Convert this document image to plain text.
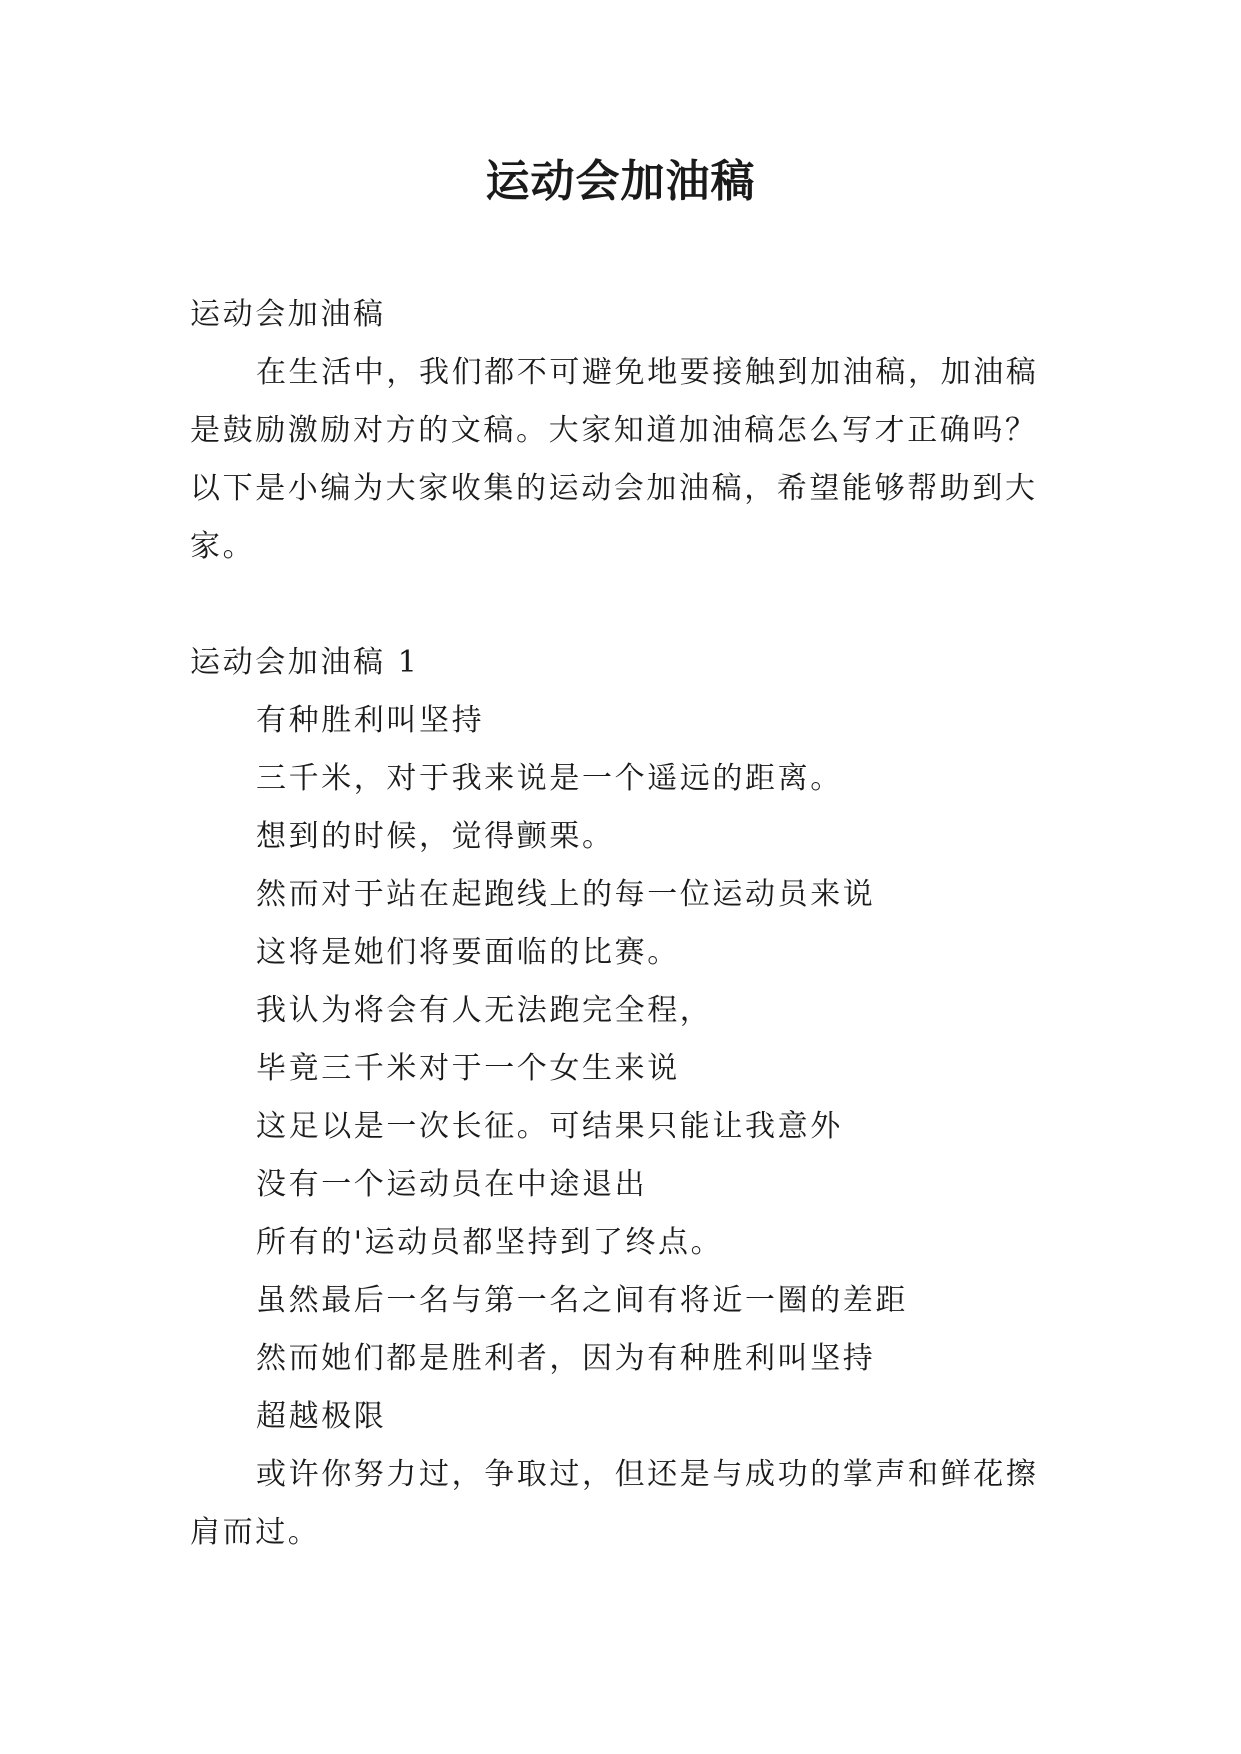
运动会加油稿

运动会加油稿

在生活中，我们都不可避免地要接触到加油稿，加油稿是鼓励激励对方的文稿。大家知道加油稿怎么写才正确吗？以下是小编为大家收集的运动会加油稿，希望能够帮助到大家。

运动会加油稿 1

有种胜利叫坚持

三千米，对于我来说是一个遥远的距离。

想到的时候，觉得颤栗。

然而对于站在起跑线上的每一位运动员来说

这将是她们将要面临的比赛。

我认为将会有人无法跑完全程，

毕竟三千米对于一个女生来说

这足以是一次长征。可结果只能让我意外

没有一个运动员在中途退出

所有的'运动员都坚持到了终点。

虽然最后一名与第一名之间有将近一圈的差距

然而她们都是胜利者，因为有种胜利叫坚持

超越极限

或许你努力过，争取过，但还是与成功的掌声和鲜花擦肩而过。
